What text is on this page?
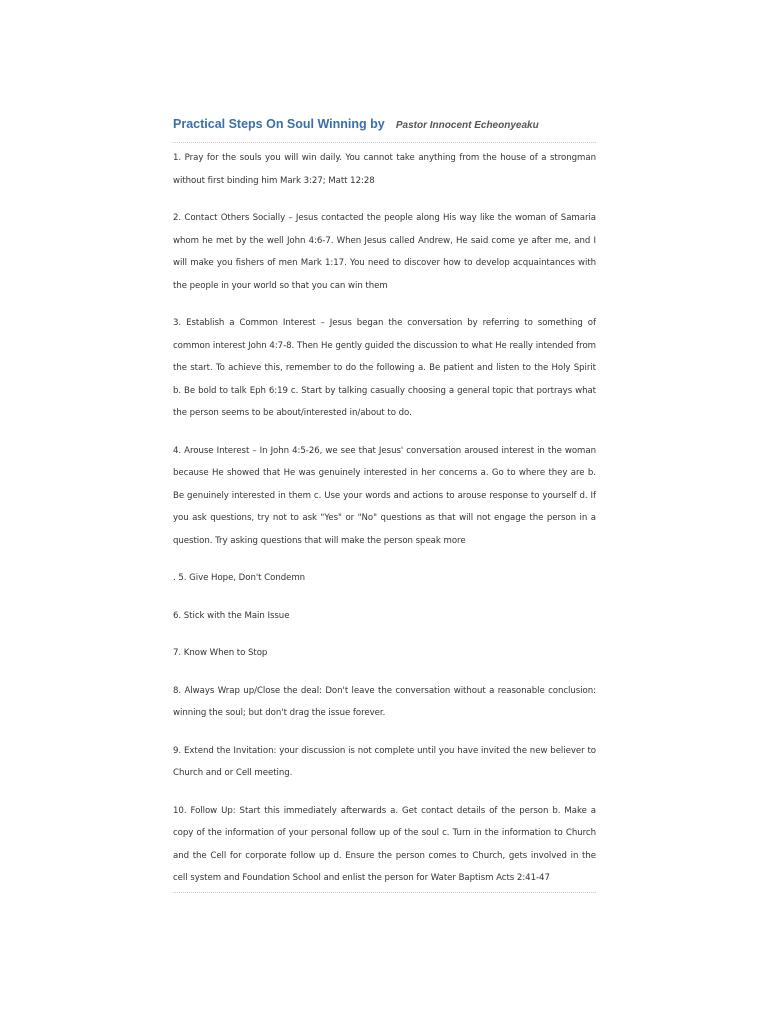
Practical Steps On Soul Winning by Pastor Innocent Echeonyeaku

1. Pray for the souls you will win daily. You cannot take anything from the house of a strongman without first binding him Mark 3:27; Matt 12:28

2. Contact Others Socially – Jesus contacted the people along His way like the woman of Samaria whom he met by the well John 4:6-7. When Jesus called Andrew, He said come ye after me, and I will make you fishers of men Mark 1:17. You need to discover how to develop acquaintances with the people in your world so that you can win them

3. Establish a Common Interest – Jesus began the conversation by referring to something of common interest John 4:7-8. Then He gently guided the discussion to what He really intended from the start. To achieve this, remember to do the following a. Be patient and listen to the Holy Spirit b. Be bold to talk Eph 6:19 c. Start by talking casually choosing a general topic that portrays what the person seems to be about/interested in/about to do.

4. Arouse Interest – In John 4:5-26, we see that Jesus' conversation aroused interest in the woman because He showed that He was genuinely interested in her concerns a. Go to where they are b. Be genuinely interested in them c. Use your words and actions to arouse response to yourself d. If you ask questions, try not to ask "Yes" or "No" questions as that will not engage the person in a question. Try asking questions that will make the person speak more

. 5. Give Hope, Don't Condemn

6. Stick with the Main Issue

7. Know When to Stop

8. Always Wrap up/Close the deal: Don't leave the conversation without a reasonable conclusion: winning the soul; but don't drag the issue forever.

9. Extend the Invitation: your discussion is not complete until you have invited the new believer to Church and or Cell meeting.

10. Follow Up: Start this immediately afterwards a. Get contact details of the person b. Make a copy of the information of your personal follow up of the soul c. Turn in the information to Church and the Cell for corporate follow up d. Ensure the person comes to Church, gets involved in the cell system and Foundation School and enlist the person for Water Baptism Acts 2:41-47
